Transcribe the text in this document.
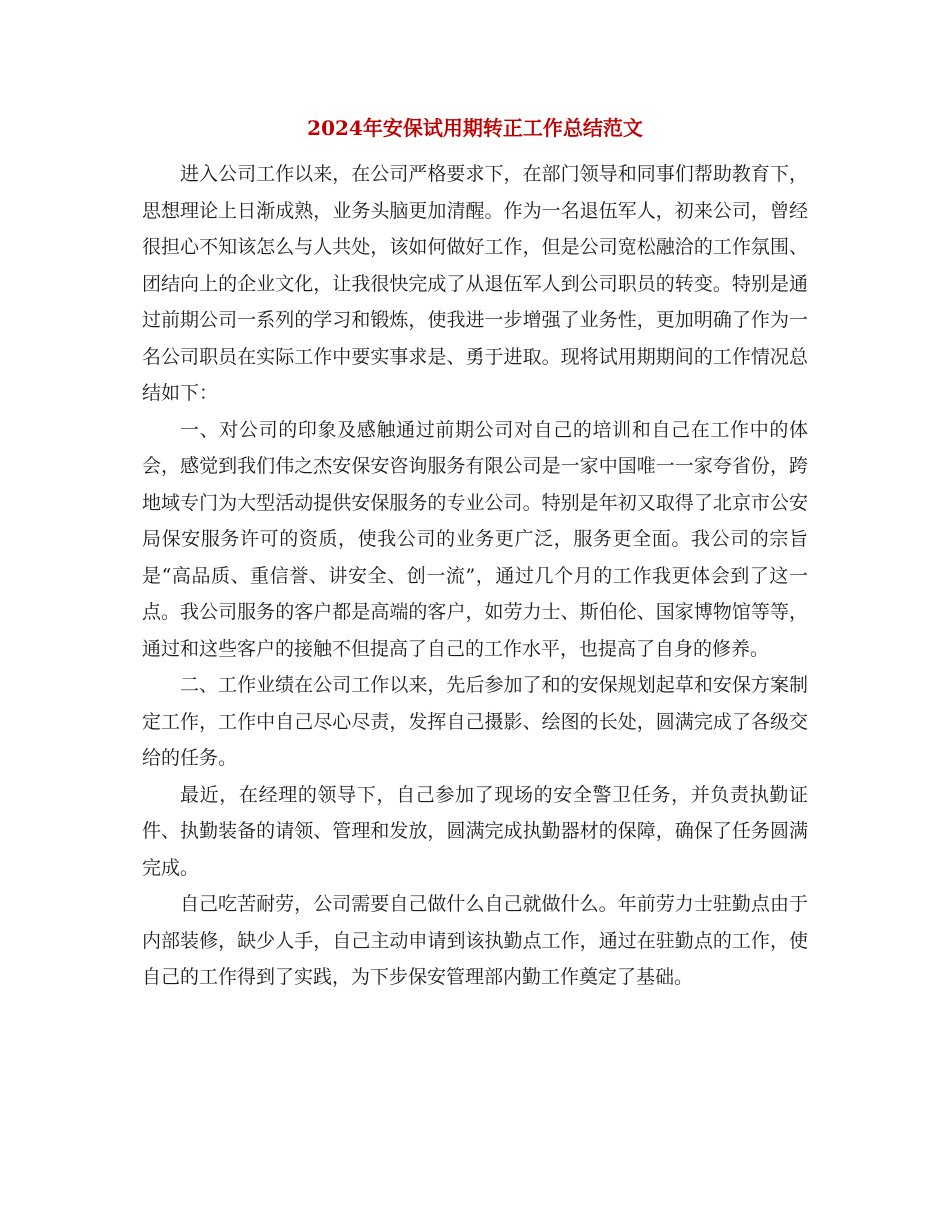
2024年安保试用期转正工作总结范文

进入公司工作以来，在公司严格要求下，在部门领导和同事们帮助教育下，思想理论上日渐成熟，业务头脑更加清醒。作为一名退伍军人，初来公司，曾经很担心不知该怎么与人共处，该如何做好工作，但是公司宽松融洽的工作氛围、团结向上的企业文化，让我很快完成了从退伍军人到公司职员的转变。特别是通过前期公司一系列的学习和锻炼，使我进一步增强了业务性，更加明确了作为一名公司职员在实际工作中要实事求是、勇于进取。现将试用期期间的工作情况总结如下：

一、对公司的印象及感触通过前期公司对自己的培训和自己在工作中的体会，感觉到我们伟之杰安保安咨询服务有限公司是一家中国唯一一家夸省份，跨地域专门为大型活动提供安保服务的专业公司。特别是年初又取得了北京市公安局保安服务许可的资质，使我公司的业务更广泛，服务更全面。我公司的宗旨是“高品质、重信誉、讲安全、创一流”，通过几个月的工作我更体会到了这一点。我公司服务的客户都是高端的客户，如劳力士、斯伯伦、国家博物馆等等，通过和这些客户的接触不但提高了自己的工作水平，也提高了自身的修养。

二、工作业绩在公司工作以来，先后参加了和的安保规划起草和安保方案制定工作，工作中自己尽心尽责，发挥自己摄影、绘图的长处，圆满完成了各级交给的任务。

最近，在经理的领导下，自己参加了现场的安全警卫任务，并负责执勤证件、执勤装备的请领、管理和发放，圆满完成执勤器材的保障，确保了任务圆满完成。

自己吃苦耐劳，公司需要自己做什么自己就做什么。年前劳力士驻勤点由于内部装修，缺少人手，自己主动申请到该执勤点工作，通过在驻勤点的工作，使自己的工作得到了实践，为下步保安管理部内勤工作奠定了基础。
